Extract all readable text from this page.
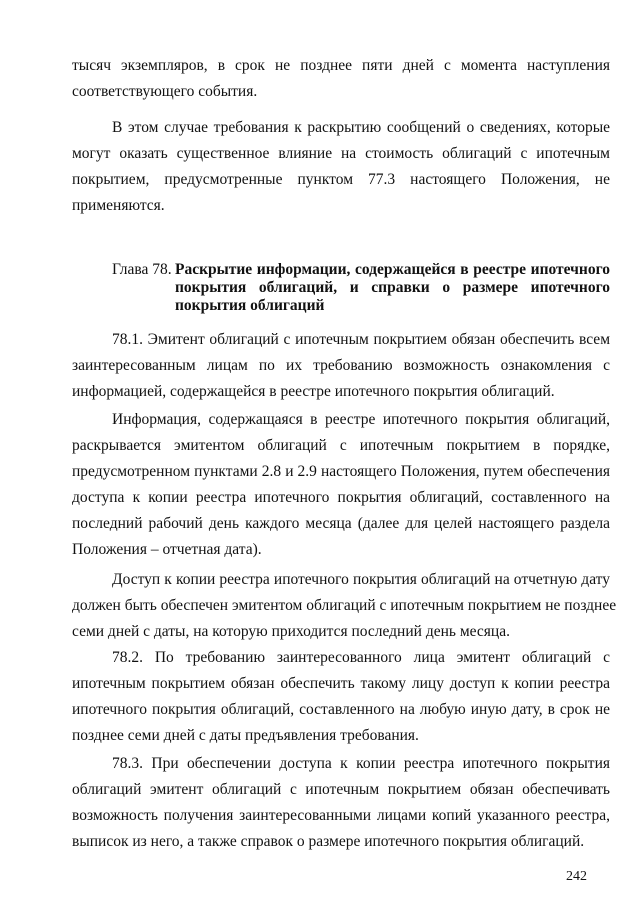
тысяч экземпляров, в срок не позднее пяти дней с момента наступления
соответствующего события.
В этом случае требования к раскрытию сообщений о сведениях, которые
могут оказать существенное влияние на стоимость облигаций с ипотечным
покрытием, предусмотренные пунктом 77.3 настоящего Положения, не
применяются.
Глава 78. Раскрытие информации, содержащейся в реестре ипотечного
покрытия облигаций, и справки о размере ипотечного
покрытия облигаций
78.1. Эмитент облигаций с ипотечным покрытием обязан обеспечить всем
заинтересованным лицам по их требованию возможность ознакомления с
информацией, содержащейся в реестре ипотечного покрытия облигаций.
Информация, содержащаяся в реестре ипотечного покрытия облигаций,
раскрывается эмитентом облигаций с ипотечным покрытием в порядке,
предусмотренном пунктами 2.8 и 2.9 настоящего Положения, путем обеспечения
доступа к копии реестра ипотечного покрытия облигаций, составленного на
последний рабочий день каждого месяца (далее для целей настоящего раздела
Положения – отчетная дата).
Доступ к копии реестра ипотечного покрытия облигаций на отчетную дату
должен быть обеспечен эмитентом облигаций с ипотечным покрытием не позднее
семи дней с даты, на которую приходится последний день месяца.
78.2. По требованию заинтересованного лица эмитент облигаций с
ипотечным покрытием обязан обеспечить такому лицу доступ к копии реестра
ипотечного покрытия облигаций, составленного на любую иную дату, в срок не
позднее семи дней с даты предъявления требования.
78.3. При обеспечении доступа к копии реестра ипотечного покрытия
облигаций эмитент облигаций с ипотечным покрытием обязан обеспечивать
возможность получения заинтересованными лицами копий указанного реестра,
выписок из него, а также справок о размере ипотечного покрытия облигаций.
242
